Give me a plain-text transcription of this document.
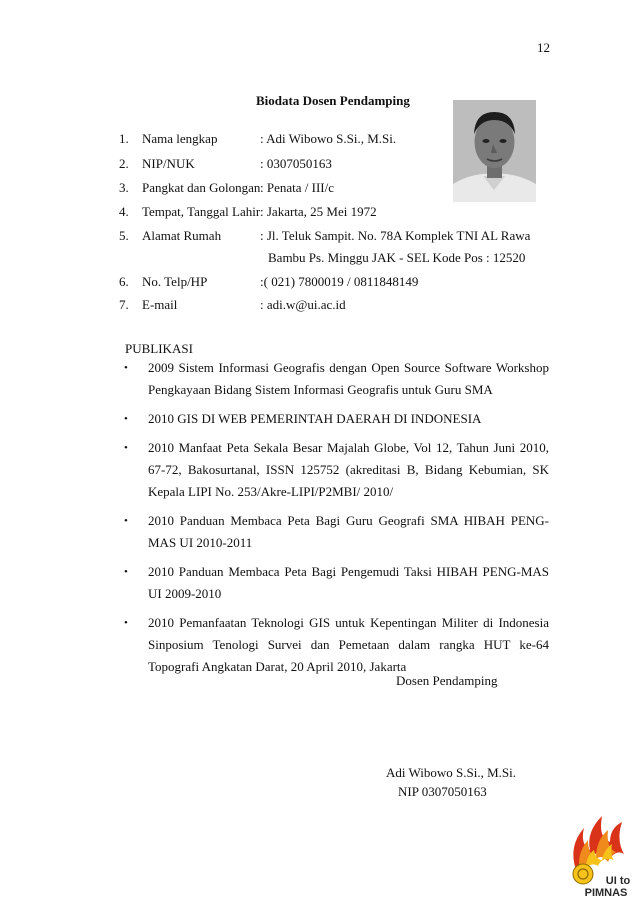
12
Biodata Dosen Pendamping
1. Nama lengkap	: Adi Wibowo S.Si., M.Si.
2. NIP/NUK	: 0307050163
3. Pangkat dan Golongan : Penata / III/c
4. Tempat, Tanggal Lahir : Jakarta, 25 Mei 1972
5. Alamat Rumah	: Jl. Teluk Sampit. No. 78A Komplek TNI AL Rawa
Bambu Ps. Minggu JAK - SEL Kode Pos : 12520
6. No. Telp/HP	:( 021) 7800019 / 0811848149
7. E-mail	: adi.w@ui.ac.id
PUBLIKASI
• 2009 Sistem Informasi Geografis dengan Open Source Software Workshop
Pengkayaan Bidang Sistem Informasi Geografis untuk Guru SMA
• 2010 GIS DI WEB PEMERINTAH DAERAH DI INDONESIA
• 2010 Manfaat Peta Sekala Besar Majalah Globe, Vol 12, Tahun Juni 2010,
67-72, Bakosurtanal, ISSN 125752 (akreditasi B, Bidang Kebumian, SK
Kepala LIPI No. 253/Akre-LIPI/P2MBI/ 2010/
• 2010 Panduan Membaca Peta Bagi Guru Geografi SMA HIBAH PENG-
MAS UI 2010-2011
• 2010 Panduan Membaca Peta Bagi Pengemudi Taksi HIBAH PENG-MAS
UI 2009-2010
• 2010 Pemanfaatan Teknologi GIS untuk Kepentingan Militer di Indonesia
Sinposium Tenologi Survei dan Pemetaan dalam rangka HUT ke-64
Topografi Angkatan Darat, 20 April 2010, Jakarta
Dosen Pendamping
Adi Wibowo S.Si., M.Si.
NIP 0307050163
UI to
PIMNAS
